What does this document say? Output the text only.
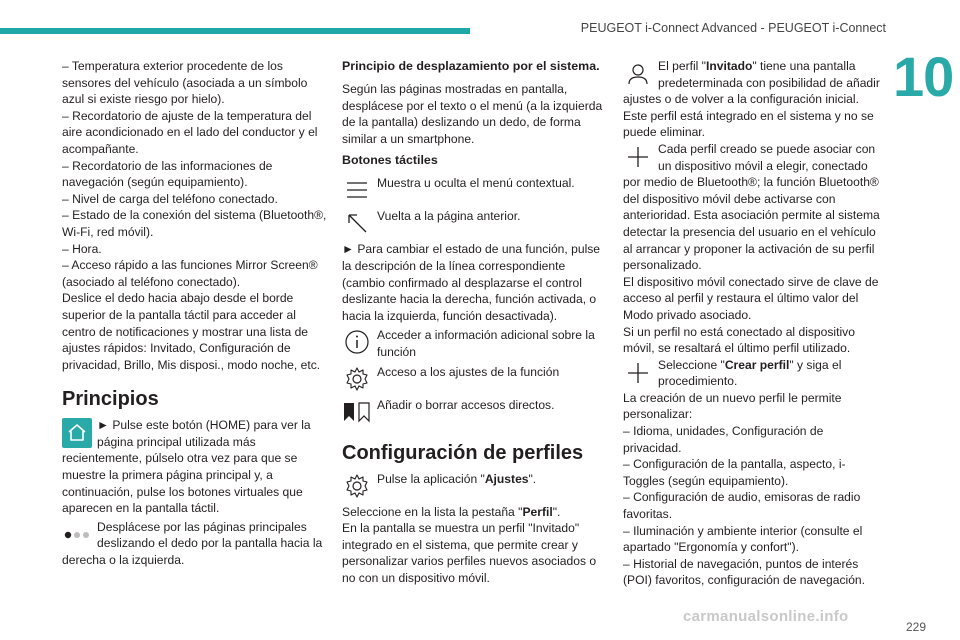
PEUGEOT i-Connect Advanced - PEUGEOT i-Connect
10

– Temperatura exterior procedente de los sensores del vehículo (asociada a un símbolo azul si existe riesgo por hielo).

– Recordatorio de ajuste de la temperatura del aire acondicionado en el lado del conductor y el acompañante.

– Recordatorio de las informaciones de navegación (según equipamiento).

– Nivel de carga del teléfono conectado.

– Estado de la conexión del sistema (Bluetooth®, Wi-Fi, red móvil).

– Hora.

– Acceso rápido a las funciones Mirror Screen® (asociado al teléfono conectado).

Deslice el dedo hacia abajo desde el borde superior de la pantalla táctil para acceder al centro de notificaciones y mostrar una lista de ajustes rápidos: Invitado, Configuración de privacidad, Brillo, Mis disposi., modo noche, etc.

Principios

► Pulse este botón (HOME) para ver la página principal utilizada más recientemente, púlselo otra vez para que se muestre la primera página principal y, a continuación, pulse los botones virtuales que aparecen en la pantalla táctil.

Desplácese por las páginas principales deslizando el dedo por la pantalla hacia la derecha o la izquierda.

Principio de desplazamiento por el sistema.

Según las páginas mostradas en pantalla, desplácese por el texto o el menú (a la izquierda de la pantalla) deslizando un dedo, de forma similar a un smartphone.

Botones táctiles
Muestra u oculta el menú contextual.
Vuelta a la página anterior.

► Para cambiar el estado de una función, pulse la descripción de la línea correspondiente (cambio confirmado al desplazarse el control deslizante hacia la derecha, función activada, o hacia la izquierda, función desactivada).

Acceder a información adicional sobre la función
Acceso a los ajustes de la función
Añadir o borrar accesos directos.
Configuración de perfiles
Pulse la aplicación "Ajustes".

Seleccione en la lista la pestaña "Perfil".

En la pantalla se muestra un perfil "Invitado" integrado en el sistema, que permite crear y personalizar varios perfiles nuevos asociados o no con un dispositivo móvil.

El perfil "Invitado" tiene una pantalla predeterminada con posibilidad de añadir ajustes o de volver a la configuración inicial. Este perfil está integrado en el sistema y no se puede eliminar.

Cada perfil creado se puede asociar con un dispositivo móvil a elegir, conectado por medio de Bluetooth®; la función Bluetooth® del dispositivo móvil debe activarse con anterioridad. Esta asociación permite al sistema detectar la presencia del usuario en el vehículo al arrancar y proponer la activación de su perfil personalizado.

El dispositivo móvil conectado sirve de clave de acceso al perfil y restaura el último valor del Modo privado asociado.

Si un perfil no está conectado al dispositivo móvil, se resaltará el último perfil utilizado.

Seleccione "Crear perfil" y siga el procedimiento.

La creación de un nuevo perfil le permite personalizar:

– Idioma, unidades, Configuración de privacidad.

– Configuración de la pantalla, aspecto, i-Toggles (según equipamiento).

– Configuración de audio, emisoras de radio favoritas.

– Iluminación y ambiente interior (consulte el apartado "Ergonomía y confort").

– Historial de navegación, puntos de interés (POI) favoritos, configuración de navegación.

carmanualsonline.info
229
